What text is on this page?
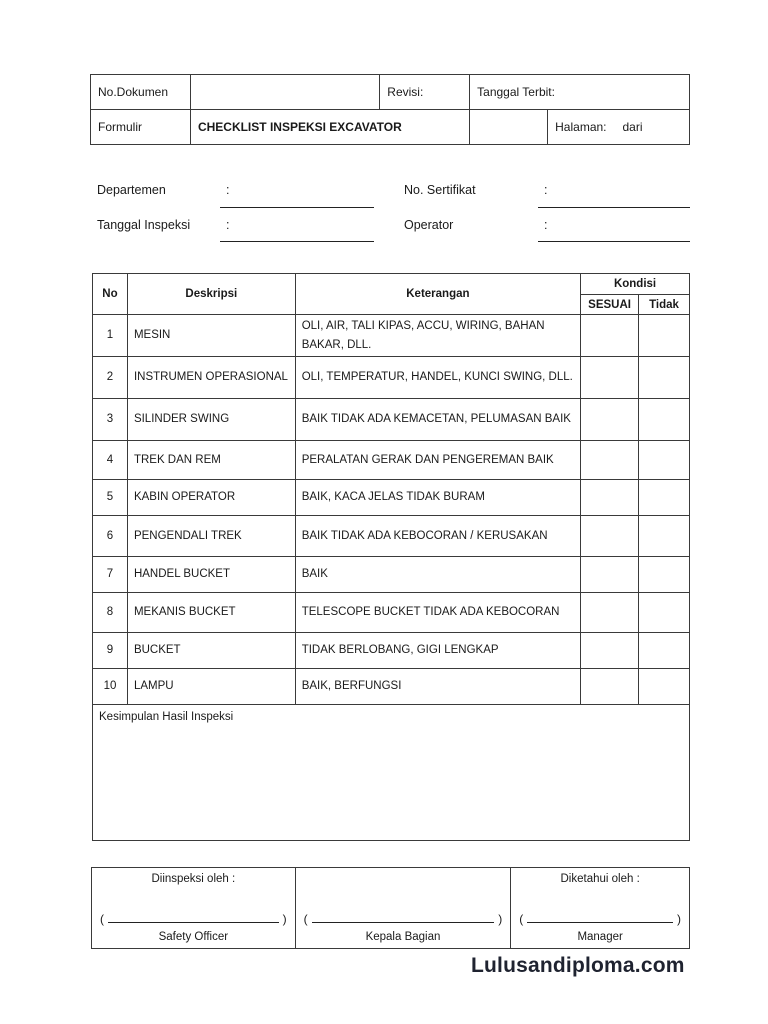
No.Dokumen		Revisi:	Tanggal Terbit:
Formulir	CHECKLIST INSPEKSI EXCAVATOR		Halaman: dari
Departemen	:
Tanggal Inspeksi	:
No. Sertifikat	:
Operator	:
No	Deskripsi	Keterangan	Kondisi	
			SESUAI	Tidak
1	MESIN	OLI, AIR, TALI KIPAS, ACCU, WIRING, BAHAN BAKAR, DLL.		
2	INSTRUMEN OPERASIONAL	OLI, TEMPERATUR, HANDEL, KUNCI SWING, DLL.		
3	SILINDER SWING	BAIK TIDAK ADA KEMACETAN, PELUMASAN BAIK		
4	TREK DAN REM	PERALATAN GERAK DAN PENGEREMAN BAIK		
5	KABIN OPERATOR	BAIK, KACA JELAS TIDAK BURAM		
6	PENGENDALI TREK	BAIK TIDAK ADA KEBOCORAN / KERUSAKAN		
7	HANDEL BUCKET	BAIK		
8	MEKANIS BUCKET	TELESCOPE BUCKET TIDAK ADA KEBOCORAN		
9	BUCKET	TIDAK BERLOBANG, GIGI LENGKAP		
10	LAMPU	BAIK, BERFUNGSI		
Kesimpulan Hasil Inspeksi				
Diinspeksi oleh :
(	)
Safety Officer

(	)
Kepala Bagian

Diketahui oleh :
(	)
Manager
Lulusandiploma.com
